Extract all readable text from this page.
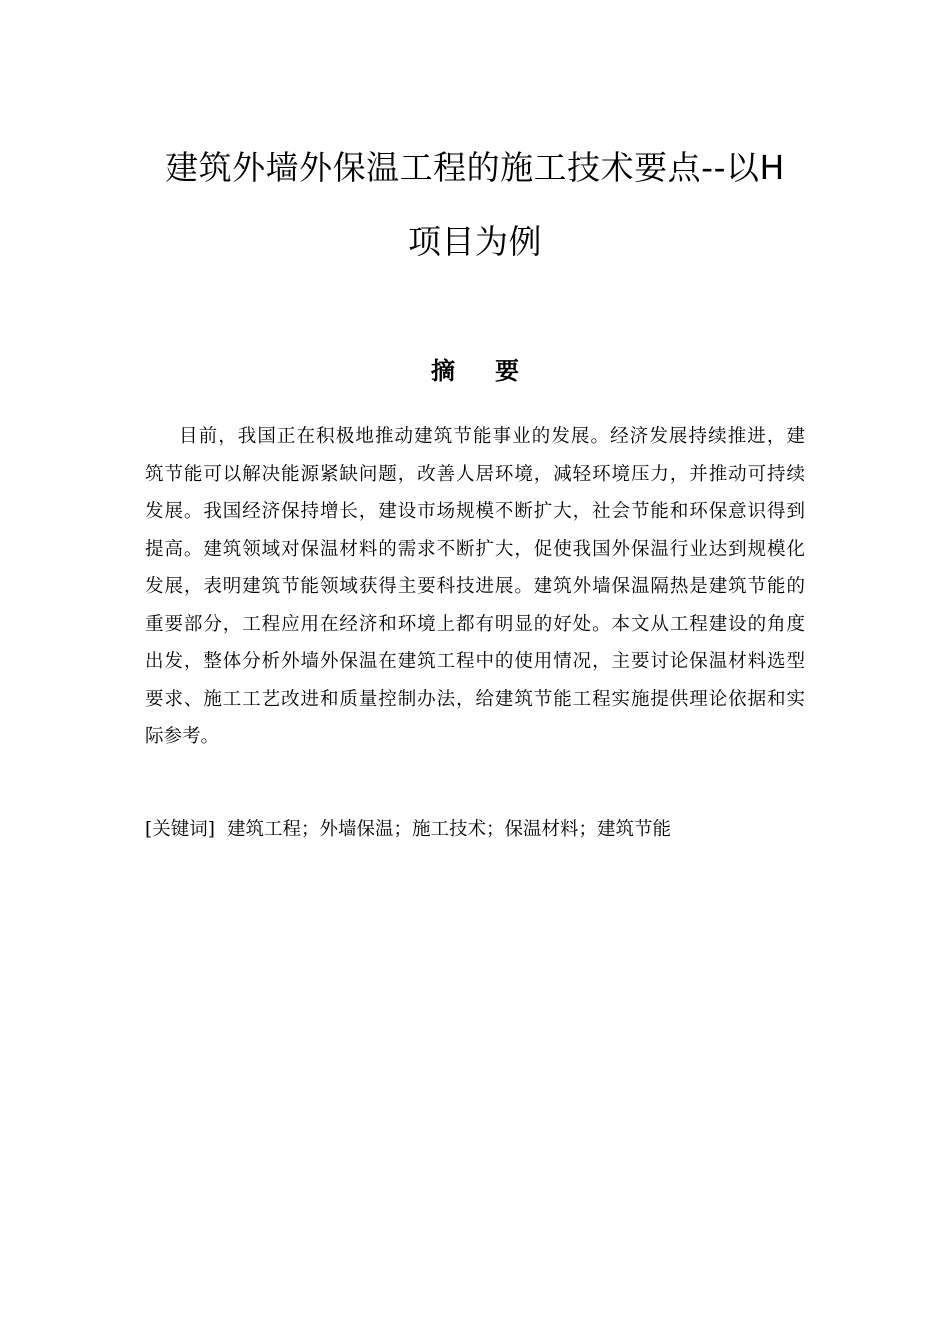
建筑外墙外保温工程的施工技术要点--以H
项目为例
摘 要
目前，我国正在积极地推动建筑节能事业的发展。经济发展持续推进，建
筑节能可以解决能源紧缺问题，改善人居环境，减轻环境压力，并推动可持续
发展。我国经济保持增长，建设市场规模不断扩大，社会节能和环保意识得到
提高。建筑领域对保温材料的需求不断扩大，促使我国外保温行业达到规模化
发展，表明建筑节能领域获得主要科技进展。建筑外墙保温隔热是建筑节能的
重要部分，工程应用在经济和环境上都有明显的好处。本文从工程建设的角度
出发，整体分析外墙外保温在建筑工程中的使用情况，主要讨论保温材料选型
要求、施工工艺改进和质量控制办法，给建筑节能工程实施提供理论依据和实
际参考。
[关键词] 建筑工程；外墙保温；施工技术；保温材料；建筑节能
